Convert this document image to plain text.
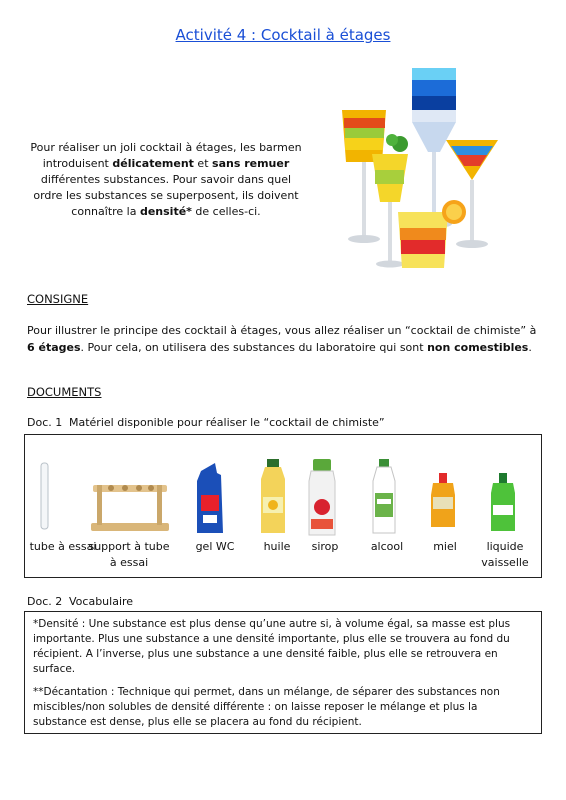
Activité 4 : Cocktail à étages
Pour réaliser un joli cocktail à étages, les barmen introduisent délicatement et sans remuer différentes substances. Pour savoir dans quel ordre les substances se superposent, ils doivent connaître la densité* de celles-ci.
CONSIGNE
Pour illustrer le principe des cocktail à étages, vous allez réaliser un “cocktail de chimiste” à 6 étages. Pour cela, on utilisera des substances du laboratoire qui sont non comestibles.
DOCUMENTS
Doc. 1 Matériel disponible pour réaliser le “cocktail de chimiste”
tube à essai
support à tube à essai
gel WC	huile	sirop	alcool	miel	liquide vaisselle
Doc. 2 Vocabulaire

*Densité : Une substance est plus dense qu’une autre si, à volume égal, sa masse est plus importante. Plus une substance a une densité importante, plus elle se trouvera au fond du récipient. A l’inverse, plus une substance a une densité faible, plus elle se retrouvera en surface.

**Décantation : Technique qui permet, dans un mélange, de séparer des substances non miscibles/non solubles de densité différente : on laisse reposer le mélange et plus la substance est dense, plus elle se placera au fond du récipient.
